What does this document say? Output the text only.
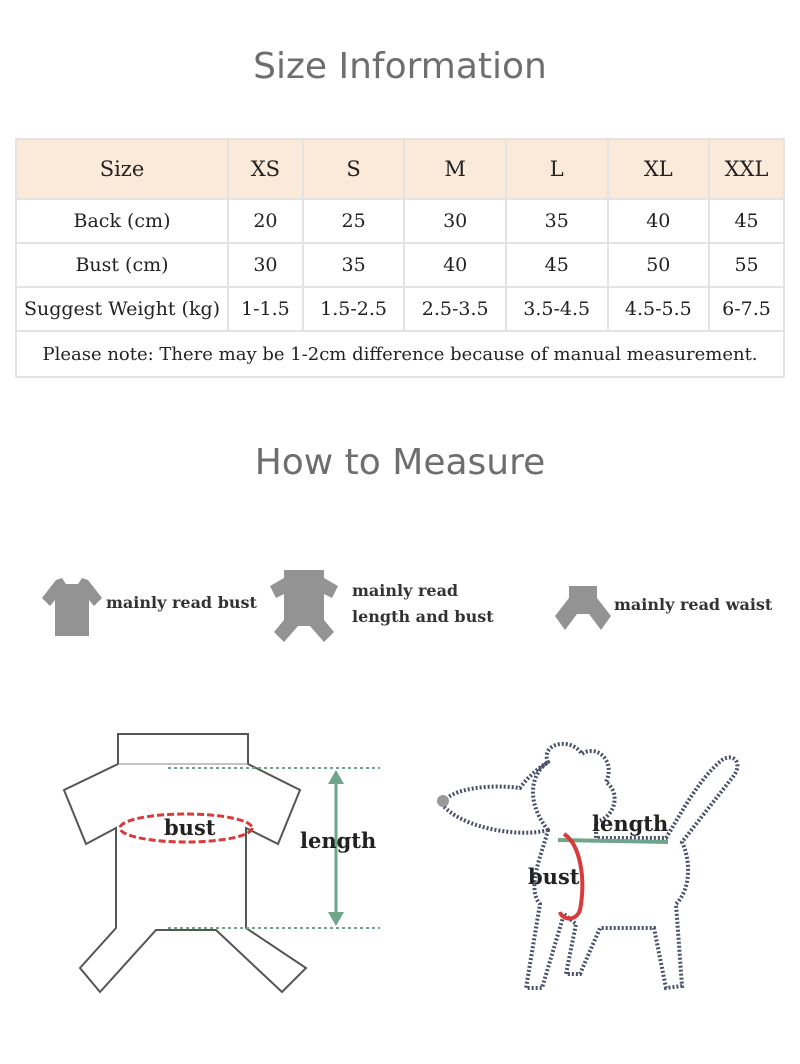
Size Information
Size	XS	S	M	L	XL	XXL
Back (cm)	20	25	30	35	40	45
Bust (cm)	30	35	40	45	50	55
Suggest Weight (kg)	1-1.5	1.5-2.5	2.5-3.5	3.5-4.5	4.5-5.5	6-7.5
Please note: There may be 1-2cm difference because of manual measurement.						
How to Measure
mainly read bust
mainly read
length and bust
mainly read waist
bust
length
length
bust
